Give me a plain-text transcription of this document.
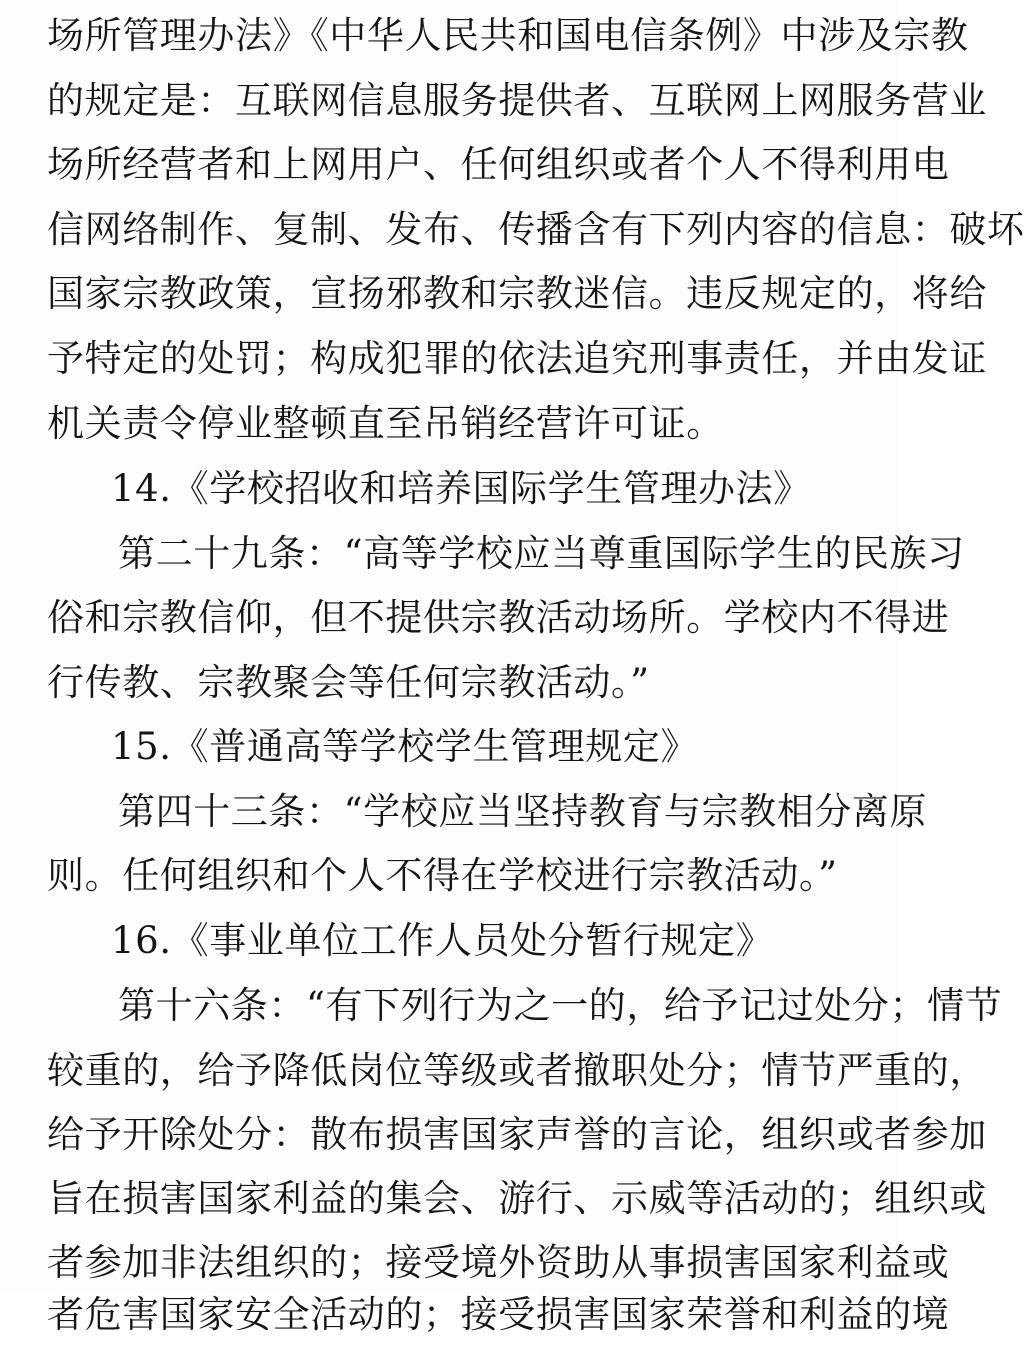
场所管理办法》《中华人民共和国电信条例》中涉及宗教
的规定是：互联网信息服务提供者、互联网上网服务营业
场所经营者和上网用户、任何组织或者个人不得利用电
信网络制作、复制、发布、传播含有下列内容的信息：破坏
国家宗教政策，宣扬邪教和宗教迷信。违反规定的，将给
予特定的处罚；构成犯罪的依法追究刑事责任，并由发证
机关责令停业整顿直至吊销经营许可证。
14.《学校招收和培养国际学生管理办法》
第二十九条：“高等学校应当尊重国际学生的民族习
俗和宗教信仰，但不提供宗教活动场所。学校内不得进
行传教、宗教聚会等任何宗教活动。”
15.《普通高等学校学生管理规定》
第四十三条：“学校应当坚持教育与宗教相分离原
则。任何组织和个人不得在学校进行宗教活动。”
16.《事业单位工作人员处分暂行规定》
第十六条：“有下列行为之一的，给予记过处分；情节
较重的，给予降低岗位等级或者撤职处分；情节严重的，
给予开除处分：散布损害国家声誉的言论，组织或者参加
旨在损害国家利益的集会、游行、示威等活动的；组织或
者参加非法组织的；接受境外资助从事损害国家利益或
者危害国家安全活动的；接受损害国家荣誉和利益的境
